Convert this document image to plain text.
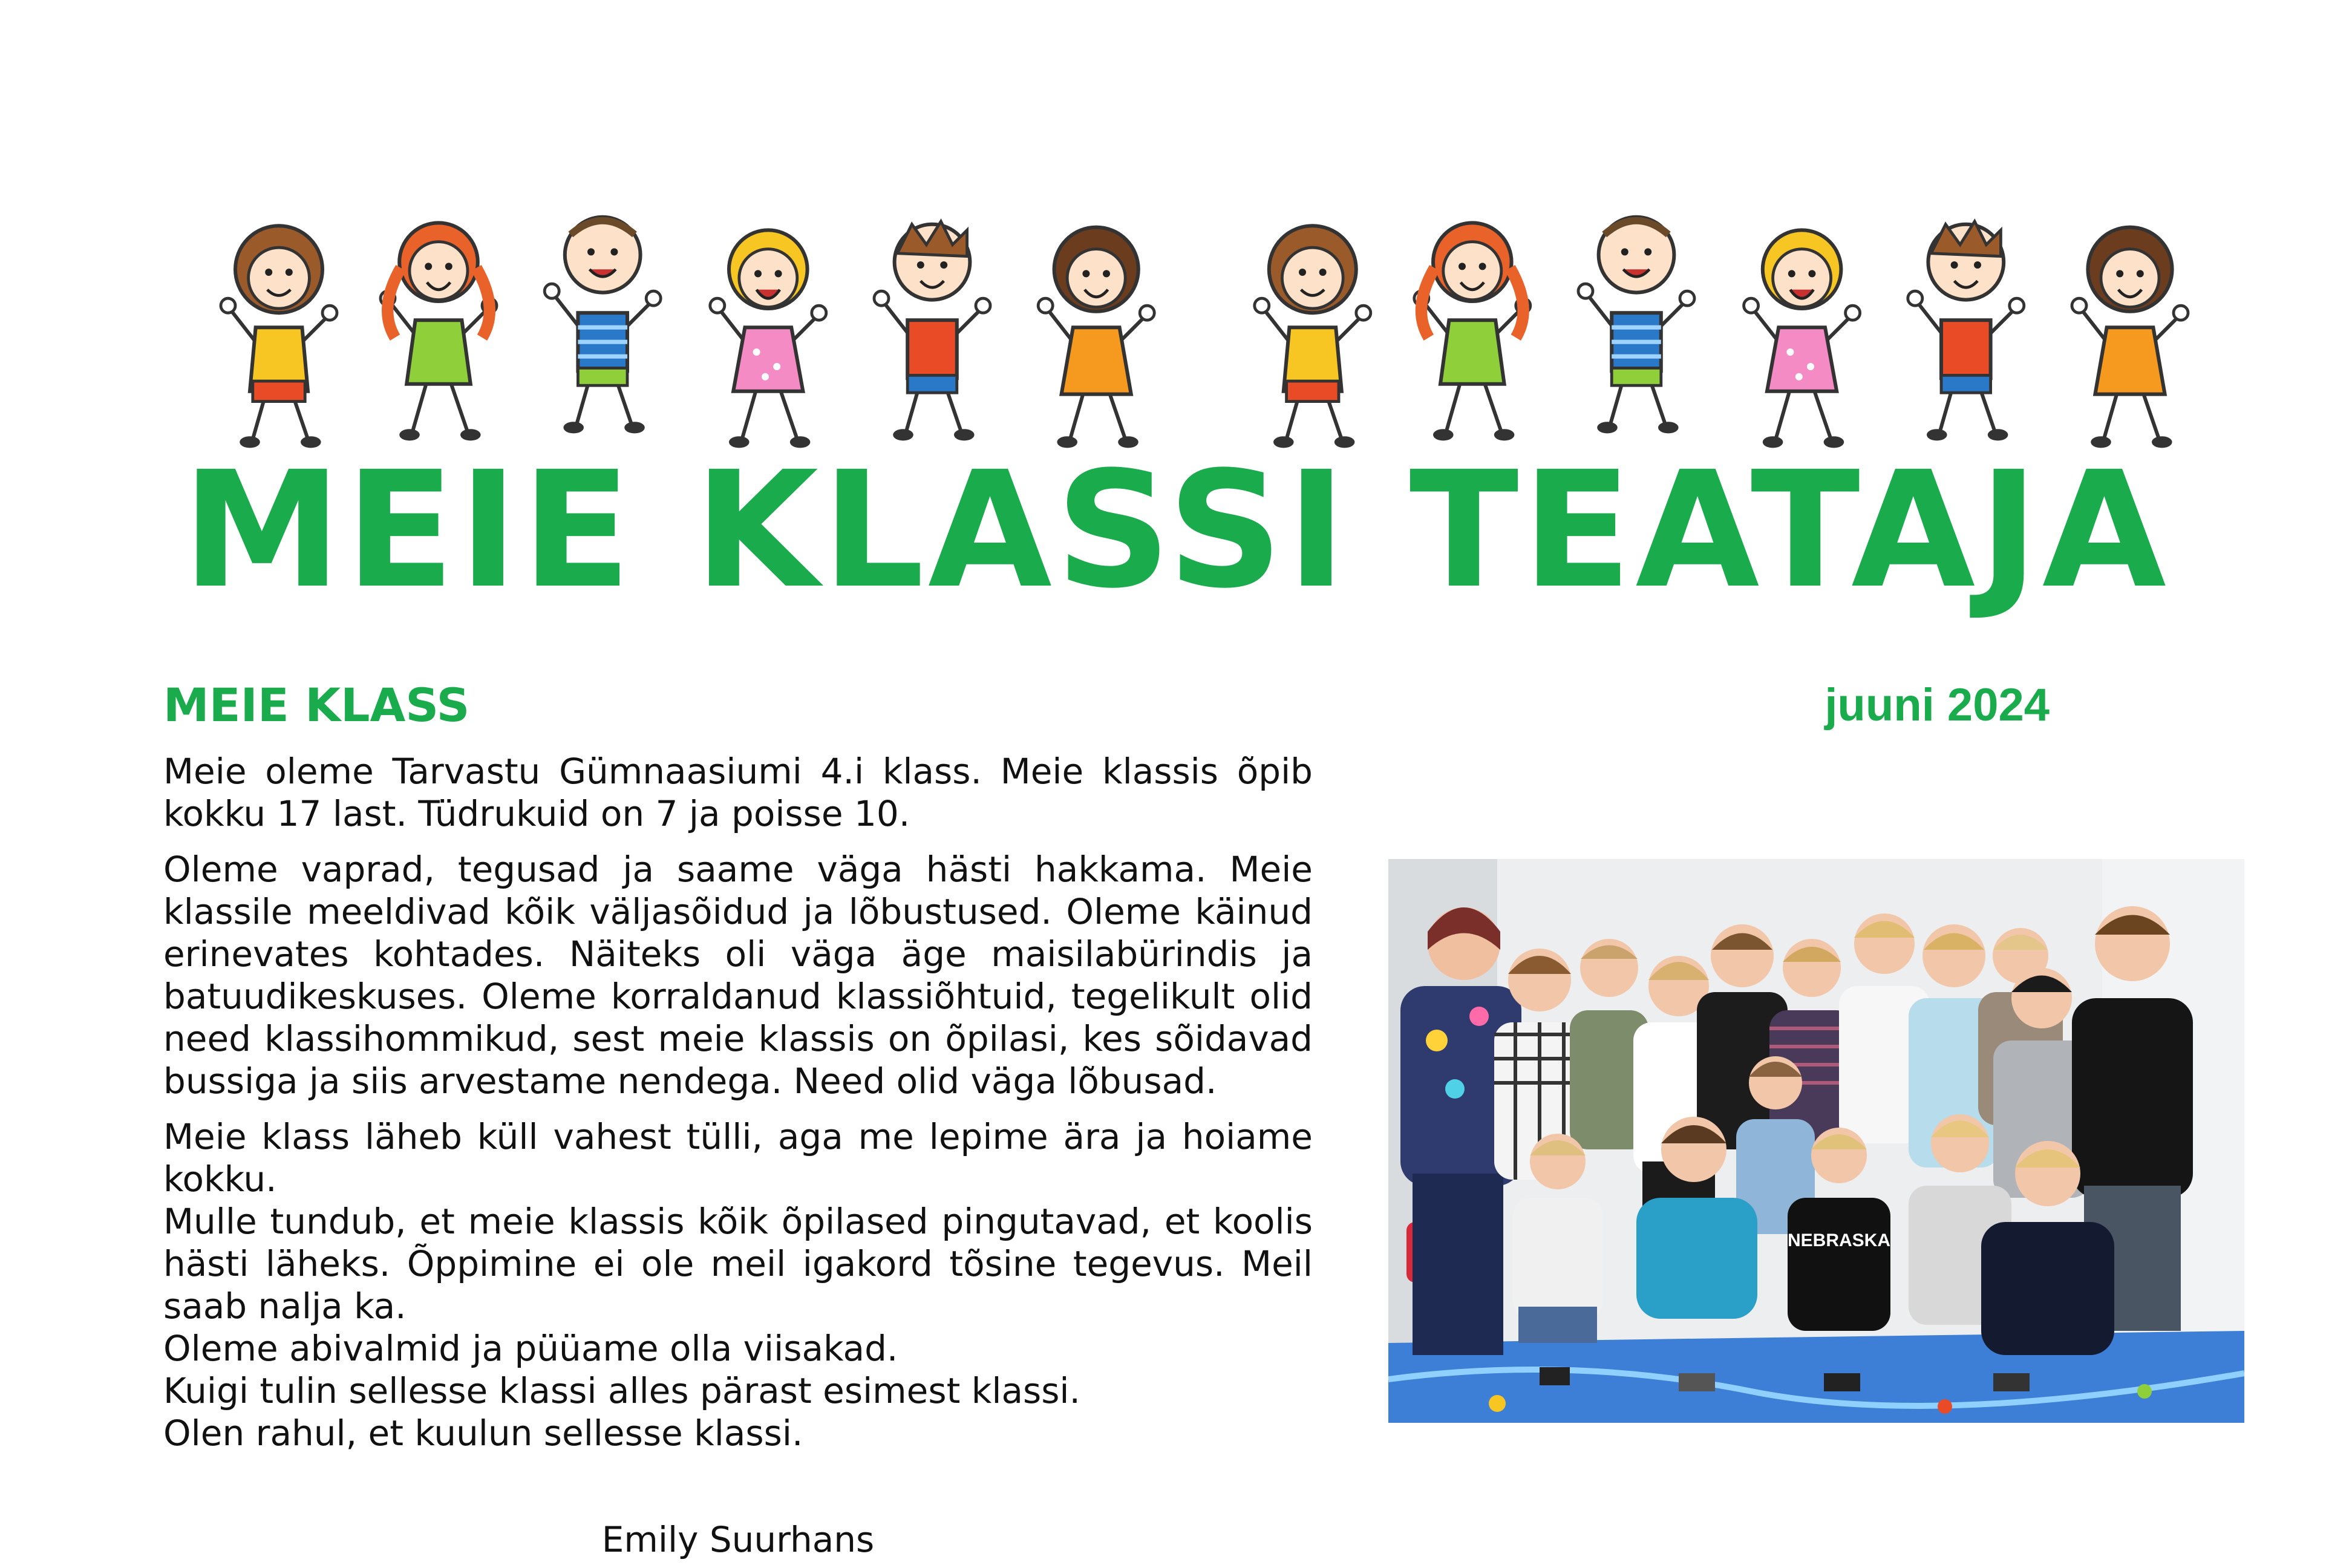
MEIE KLASSI TEATAJA
MEIE KLASS	juuni 2024

Meie oleme Tarvastu Gümnaasiumi 4.i klass. Meie klassis õpib kokku 17 last. Tüdrukuid on 7 ja poisse 10.

Oleme vaprad, tegusad ja saame väga hästi hakkama. Meie klassile meeldivad kõik väljasõidud ja lõbustused. Oleme käinud erinevates kohtades. Näiteks oli väga äge maisilabürindis ja batuudikeskuses. Oleme korraldanud klassiõhtuid, tegelikult olid need klassihommikud, sest meie klassis on õpilasi, kes sõidavad bussiga ja siis arvestame nendega. Need olid väga lõbusad.

Meie klass läheb küll vahest tülli, aga me lepime ära ja hoiame kokku.

Mulle tundub, et meie klassis kõik õpilased pingutavad, et koolis hästi läheks. Õppimine ei ole meil igakord tõsine tegevus. Meil saab nalja ka.

Oleme abivalmid ja püüame olla viisakad.

Kuigi tulin sellesse klassi alles pärast esimest klassi.

Olen rahul, et kuulun sellesse klassi.

Emily Suurhans
NEBRASKA
